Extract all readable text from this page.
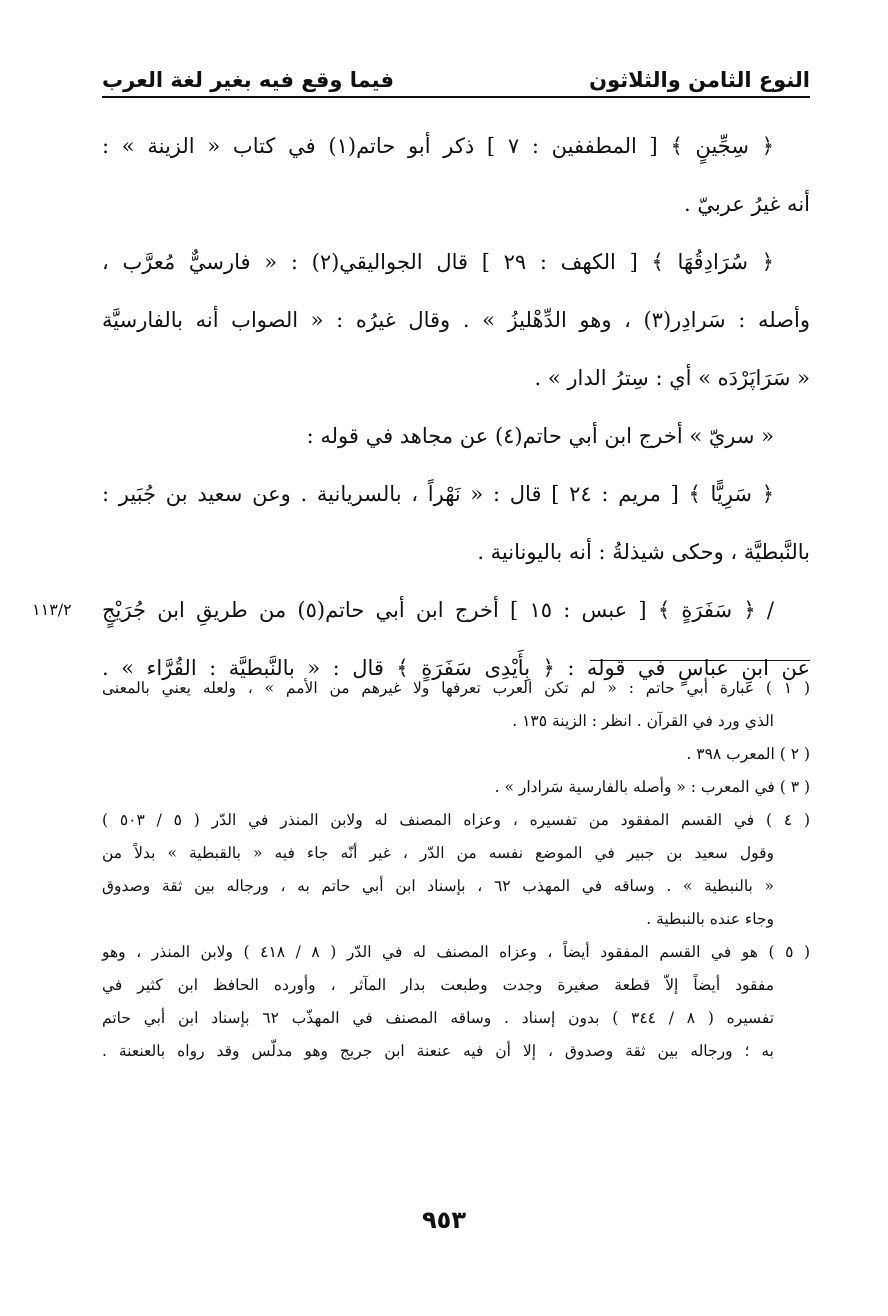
النوع الثامن والثلاثون
فيما وقع فيه بغير لغة العرب
﴿ سِجِّينٍ ﴾ [ المطففين : ٧ ] ذكر أبو حاتم(١) في كتاب « الزينة » :
أنه غيرُ عربيّ .
﴿ سُرَادِقُهَا ﴾ [ الكهف : ٢٩ ] قال الجواليقي(٢) : « فارسيٌّ مُعرَّب ،
وأصله : سَرادِر(٣) ، وهو الدِّهْليزُ » . وقال غيرُه : « الصواب أنه بالفارسيَّة
« سَرَاپَرْدَه » أي : سِترُ الدار » .
« سريّ » أخرج ابن أبي حاتم(٤) عن مجاهد في قوله :
﴿ سَرِيًّا ﴾ [ مريم : ٢٤ ] قال : « نَهْراً ، بالسريانية . وعن سعيد بن جُبَير :
بالنَّبطيَّة ، وحكى شيذلةُ : أنه باليونانية .
/ ﴿ سَفَرَةٍ ﴾ [ عبس : ١٥ ] أخرج ابن أبي حاتم(٥) من طريقِ ابن جُرَيْجٍ
١١٣/٢
عن ابنِ عباسٍ في قوله : ﴿ بِأَيْدِى سَفَرَةٍ ﴾ قال : « بالنَّبطيَّة : القُرَّاء » .
( ١ ) عبارة أبي حاتم : « لم تكن العرب تعرفها ولا غيرهم من الأمم » ، ولعله يعني بالمعنى
الذي ورد في القرآن . انظر : الزينة ١٣٥ .
( ٢ ) المعرب ٣٩٨ .
( ٣ ) في المعرب : « وأصله بالفارسية سَرادار » .
( ٤ ) في القسم المفقود من تفسيره ، وعزاه المصنف له ولابن المنذر في الدّر ( ٥ / ٥٠٣ )
وقول سعيد بن جبير في الموضع نفسه من الدّر ، غير أنّه جاء فيه « بالقبطية » بدلاً من
« بالنبطية » . وساقه في المهذب ٦٢ ، بإسناد ابن أبي حاتم به ، ورجاله بين ثقة وصدوق
وجاء عنده بالنبطية .
( ٥ ) هو في القسم المفقود أيضاً ، وعزاه المصنف له في الدّر ( ٨ / ٤١٨ ) ولابن المنذر ، وهو
مفقود أيضاً إلاّ قطعة صغيرة وجدت وطبعت بدار المآثر ، وأورده الحافظ ابن كثير في
تفسيره ( ٨ / ٣٤٤ ) بدون إسناد . وساقه المصنف في المهذّب ٦٢ بإسناد ابن أبي حاتم
به ؛ ورجاله بين ثقة وصدوق ، إلا أن فيه عنعنة ابن جريج وهو مدلّس وقد رواه بالعنعنة .
٩٥٣
